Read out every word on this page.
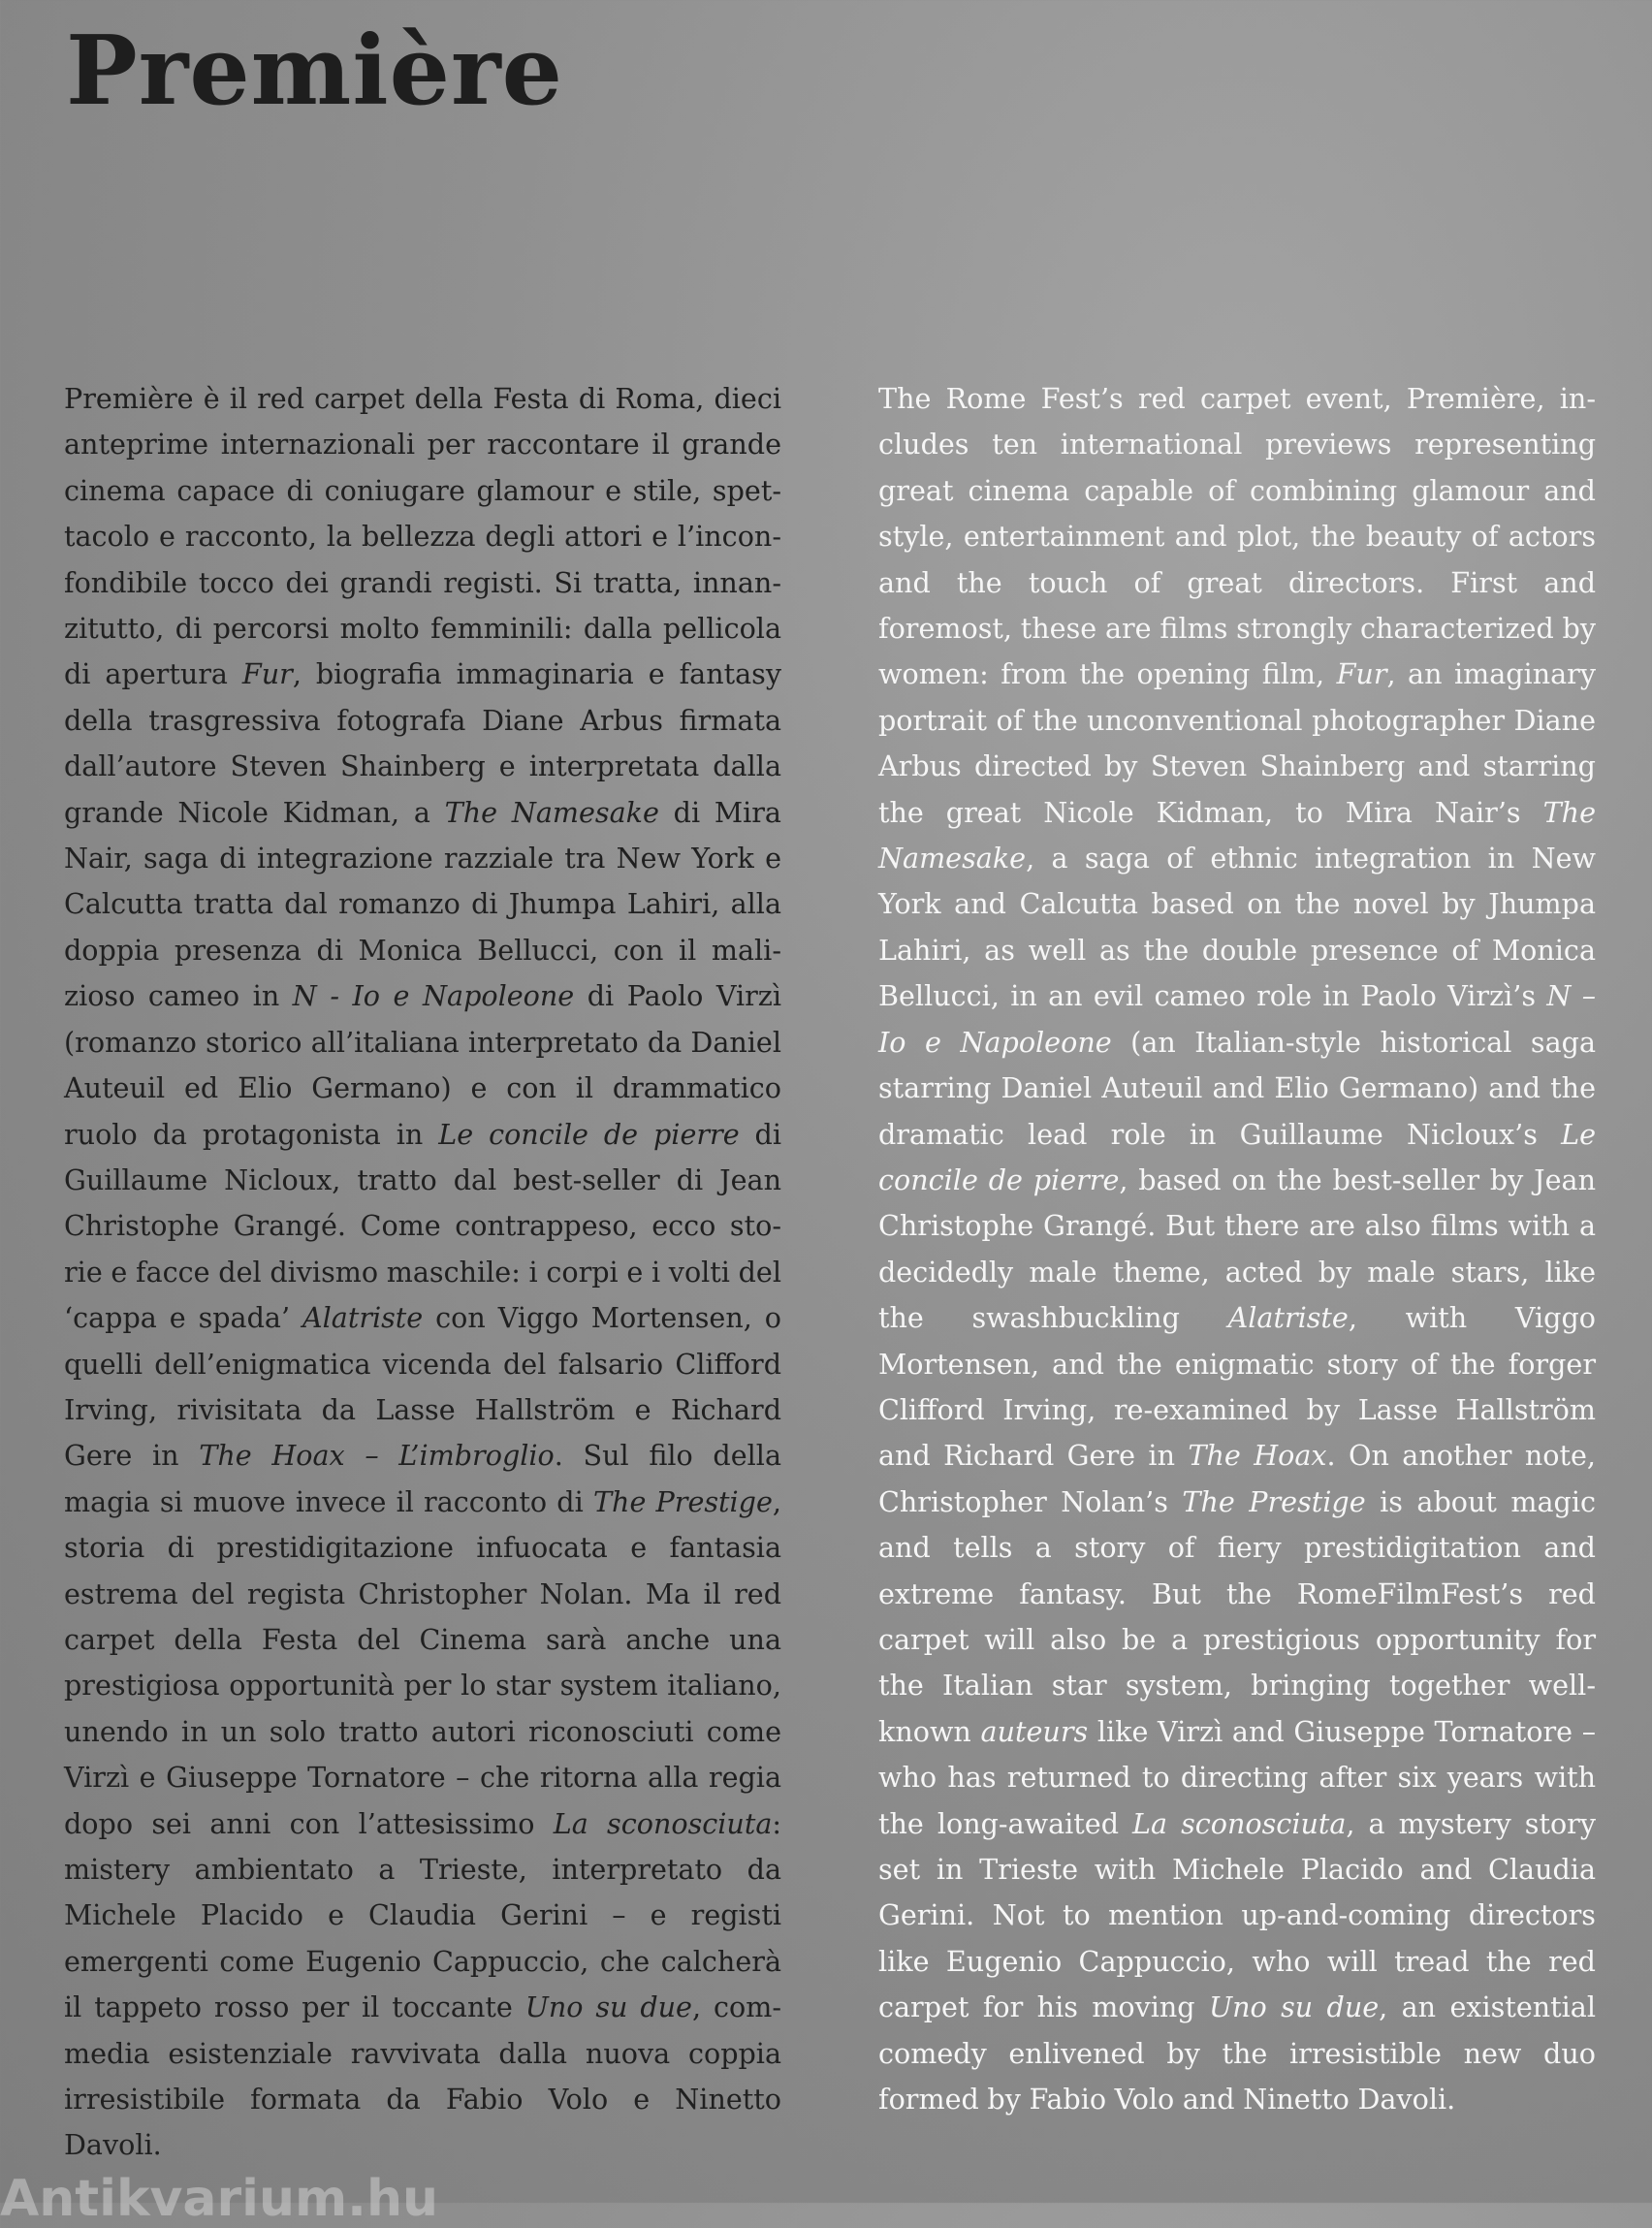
Première

Première è il red carpet della Festa di Roma, dieci anteprime internazionali per raccontare il grande cinema capace di coniugare glamour e stile, spettacolo e racconto, la bellezza degli attori e l’inconfondibile tocco dei grandi registi. Si tratta, innanzitutto, di percorsi molto femminili: dalla pellicola di apertura Fur, biografia immaginaria e fantasy della trasgressiva fotografa Diane Arbus firmata dall’autore Steven Shainberg e interpretata dalla grande Nicole Kidman, a The Namesake di Mira Nair, saga di integrazione razziale tra New York e Calcutta tratta dal romanzo di Jhumpa Lahiri, alla doppia presenza di Monica Bellucci, con il malizioso cameo in N - Io e Napoleone di Paolo Virzì (romanzo storico all’italiana interpretato da Daniel Auteuil ed Elio Germano) e con il drammatico ruolo da protagonista in Le concile de pierre di Guillaume Nicloux, tratto dal best-seller di Jean Christophe Grangé. Come contrappeso, ecco storie e facce del divismo maschile: i corpi e i volti del ‘cappa e spada’ Alatriste con Viggo Mortensen, o quelli dell’enigmatica vicenda del falsario Clifford Irving, rivisitata da Lasse Hallström e Richard Gere in The Hoax – L’imbroglio. Sul filo della magia si muove invece il racconto di The Prestige, storia di prestidigitazione infuocata e fantasia estrema del regista Christopher Nolan. Ma il red carpet della Festa del Cinema sarà anche una prestigiosa opportunità per lo star system italiano, unendo in un solo tratto autori riconosciuti come Virzì e Giuseppe Tornatore – che ritorna alla regia dopo sei anni con l’attesissimo La sconosciuta: mistery ambientato a Trieste, interpretato da Michele Placido e Claudia Gerini – e registi emergenti come Eugenio Cappuccio, che calcherà il tappeto rosso per il toccante Uno su due, commedia esistenziale ravvivata dalla nuova coppia irresistibile formata da Fabio Volo e Ninetto Davoli.

The Rome Fest’s red carpet event, Première, includes ten international previews representing great cinema capable of combining glamour and style, entertainment and plot, the beauty of actors and the touch of great directors. First and foremost, these are films strongly characterized by women: from the opening film, Fur, an imaginary portrait of the unconventional photographer Diane Arbus directed by Steven Shainberg and starring the great Nicole Kidman, to Mira Nair’s The Namesake, a saga of ethnic integration in New York and Calcutta based on the novel by Jhumpa Lahiri, as well as the double presence of Monica Bellucci, in an evil cameo role in Paolo Virzì’s N – Io e Napoleone (an Italian-style historical saga starring Daniel Auteuil and Elio Germano) and the dramatic lead role in Guillaume Nicloux’s Le concile de pierre, based on the best-seller by Jean Christophe Grangé. But there are also films with a decidedly male theme, acted by male stars, like the swashbuckling Alatriste, with Viggo Mortensen, and the enigmatic story of the forger Clifford Irving, re-examined by Lasse Hallström and Richard Gere in The Hoax. On another note, Christopher Nolan’s The Prestige is about magic and tells a story of fiery prestidigitation and extreme fantasy. But the RomeFilmFest’s red carpet will also be a prestigious opportunity for the Italian star system, bringing together well-known auteurs like Virzì and Giuseppe Tornatore – who has returned to directing after six years with the long-awaited La sconosciuta, a mystery story set in Trieste with Michele Placido and Claudia Gerini. Not to mention up-and-coming directors like Eugenio Cappuccio, who will tread the red carpet for his moving Uno su due, an existential comedy enlivened by the irresistible new duo formed by Fabio Volo and Ninetto Davoli.

Antikvarium.hu
